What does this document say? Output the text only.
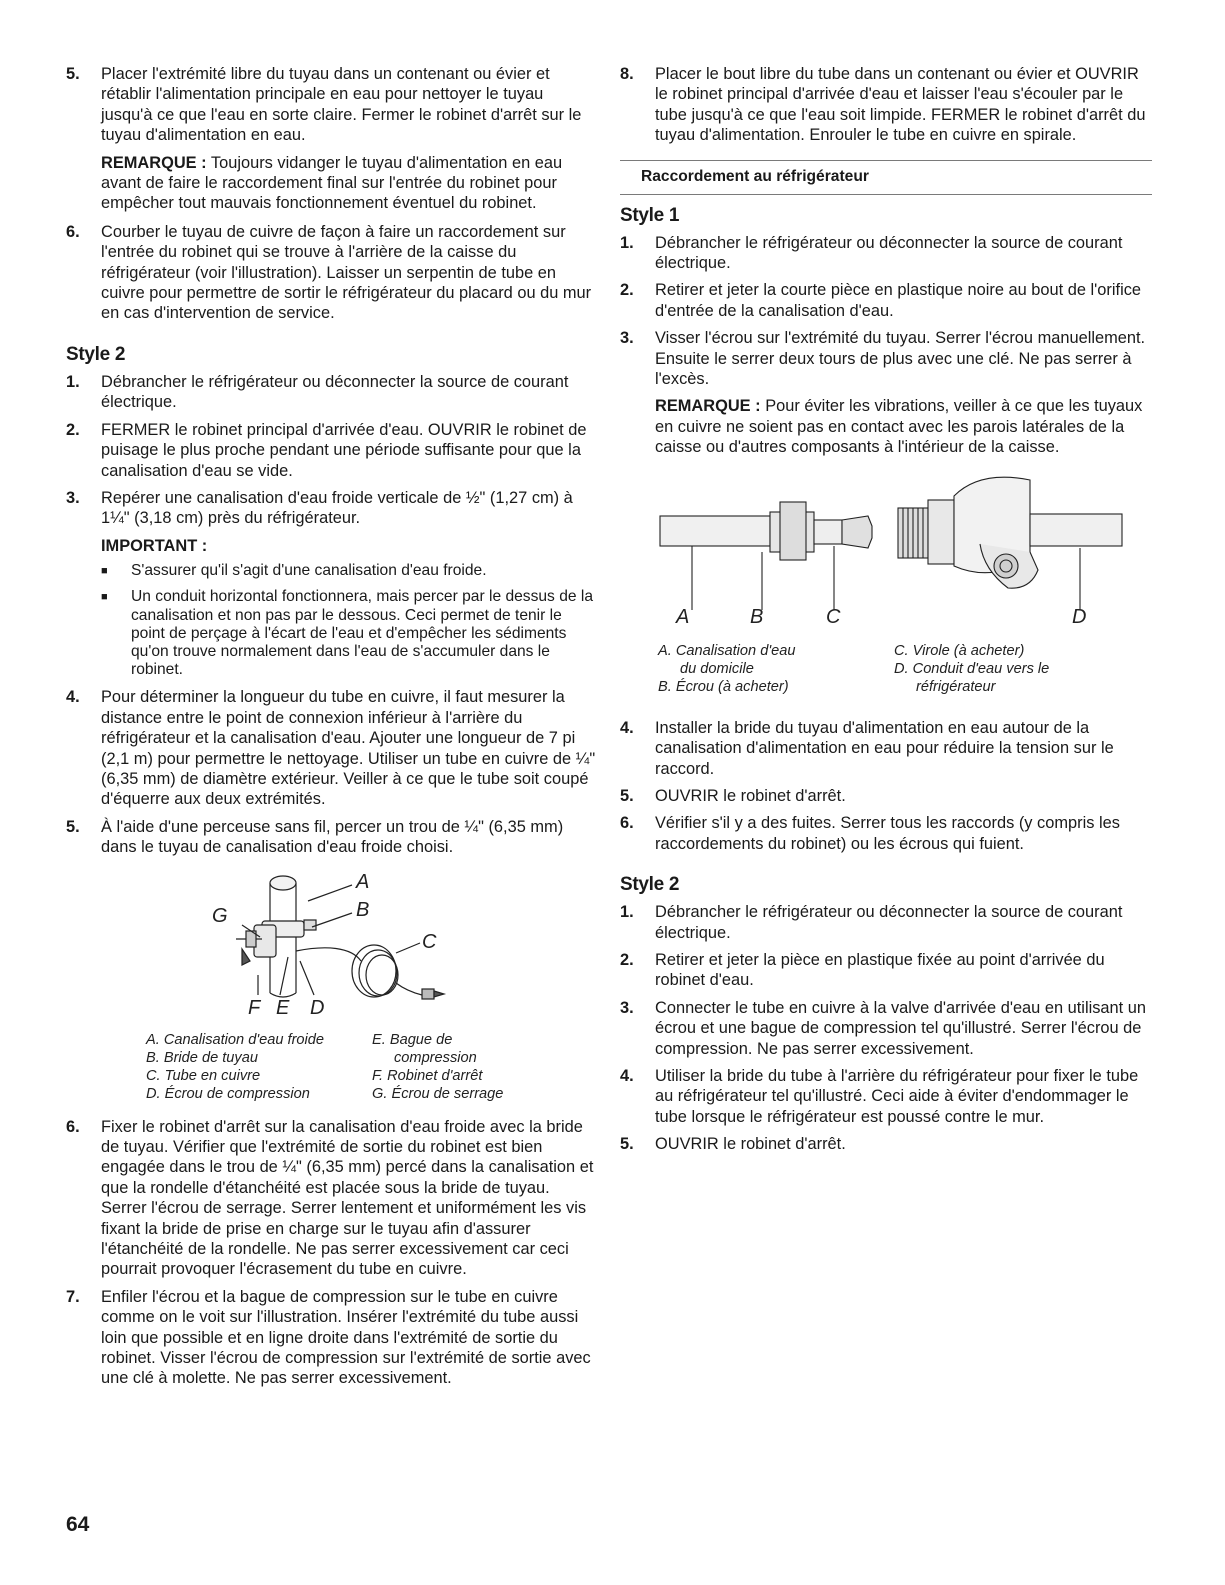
5.	Placer l'extrémité libre du tuyau dans un contenant ou évier et rétablir l'alimentation principale en eau pour nettoyer le tuyau jusqu'à ce que l'eau en sorte claire. Fermer le robinet d'arrêt sur le tuyau d'alimentation en eau.
REMARQUE : Toujours vidanger le tuyau d'alimentation en eau avant de faire le raccordement final sur l'entrée du robinet pour empêcher tout mauvais fonctionnement éventuel du robinet.
6.	Courber le tuyau de cuivre de façon à faire un raccordement sur l'entrée du robinet qui se trouve à l'arrière de la caisse du réfrigérateur (voir l'illustration). Laisser un serpentin de tube en cuivre pour permettre de sortir le réfrigérateur du placard ou du mur en cas d'intervention de service.
Style 2
1.	Débrancher le réfrigérateur ou déconnecter la source de courant électrique.
2.	FERMER le robinet principal d'arrivée d'eau. OUVRIR le robinet de puisage le plus proche pendant une période suffisante pour que la canalisation d'eau se vide.
3.	Repérer une canalisation d'eau froide verticale de ½" (1,27 cm) à 1¼" (3,18 cm) près du réfrigérateur.
IMPORTANT :
■	S'assurer qu'il s'agit d'une canalisation d'eau froide.
■	Un conduit horizontal fonctionnera, mais percer par le dessus de la canalisation et non pas par le dessous. Ceci permet de tenir le point de perçage à l'écart de l'eau et d'empêcher les sédiments qu'on trouve normalement dans l'eau de s'accumuler dans le robinet.
4.	Pour déterminer la longueur du tube en cuivre, il faut mesurer la distance entre le point de connexion inférieur à l'arrière du réfrigérateur et la canalisation d'eau. Ajouter une longueur de 7 pi (2,1 m) pour permettre le nettoyage. Utiliser un tube en cuivre de ¼" (6,35 mm) de diamètre extérieur. Veiller à ce que le tube soit coupé d'équerre aux deux extrémités.
5.	À l'aide d'une perceuse sans fil, percer un trou de ¼" (6,35 mm) dans le tuyau de canalisation d'eau froide choisi.
A
B
C
G
F E D
A. Canalisation d'eau froide
B. Bride de tuyau
C. Tube en cuivre
D. Écrou de compression
E. Bague de
compression
F. Robinet d'arrêt
G. Écrou de serrage
6.	Fixer le robinet d'arrêt sur la canalisation d'eau froide avec la bride de tuyau. Vérifier que l'extrémité de sortie du robinet est bien engagée dans le trou de ¼" (6,35 mm) percé dans la canalisation et que la rondelle d'étanchéité est placée sous la bride de tuyau. Serrer l'écrou de serrage. Serrer lentement et uniformément les vis fixant la bride de prise en charge sur le tuyau afin d'assurer l'étanchéité de la rondelle. Ne pas serrer excessivement car ceci pourrait provoquer l'écrasement du tube en cuivre.
7.	Enfiler l'écrou et la bague de compression sur le tube en cuivre comme on le voit sur l'illustration. Insérer l'extrémité du tube aussi loin que possible et en ligne droite dans l'extrémité de sortie du robinet. Visser l'écrou de compression sur l'extrémité de sortie avec une clé à molette. Ne pas serrer excessivement.
8.	Placer le bout libre du tube dans un contenant ou évier et OUVRIR le robinet principal d'arrivée d'eau et laisser l'eau s'écouler par le tube jusqu'à ce que l'eau soit limpide. FERMER le robinet d'arrêt du tuyau d'alimentation. Enrouler le tube en cuivre en spirale.
Raccordement au réfrigérateur
Style 1
1.	Débrancher le réfrigérateur ou déconnecter la source de courant électrique.
2.	Retirer et jeter la courte pièce en plastique noire au bout de l'orifice d'entrée de la canalisation d'eau.
3.	Visser l'écrou sur l'extrémité du tuyau. Serrer l'écrou manuellement. Ensuite le serrer deux tours de plus avec une clé. Ne pas serrer à l'excès.
REMARQUE : Pour éviter les vibrations, veiller à ce que les tuyaux en cuivre ne soient pas en contact avec les parois latérales de la caisse ou d'autres composants à l'intérieur de la caisse.
A	B	C	D
A. Canalisation d'eau
du domicile
B. Écrou (à acheter)
C. Virole (à acheter)
D. Conduit d'eau vers le
réfrigérateur
4.	Installer la bride du tuyau d'alimentation en eau autour de la canalisation d'alimentation en eau pour réduire la tension sur le raccord.
5.	OUVRIR le robinet d'arrêt.
6.	Vérifier s'il y a des fuites. Serrer tous les raccords (y compris les raccordements du robinet) ou les écrous qui fuient.
Style 2
1.	Débrancher le réfrigérateur ou déconnecter la source de courant électrique.
2.	Retirer et jeter la pièce en plastique fixée au point d'arrivée du robinet d'eau.
3.	Connecter le tube en cuivre à la valve d'arrivée d'eau en utilisant un écrou et une bague de compression tel qu'illustré. Serrer l'écrou de compression. Ne pas serrer excessivement.
4.	Utiliser la bride du tube à l'arrière du réfrigérateur pour fixer le tube au réfrigérateur tel qu'illustré. Ceci aide à éviter d'endommager le tube lorsque le réfrigérateur est poussé contre le mur.
5.	OUVRIR le robinet d'arrêt.
64
